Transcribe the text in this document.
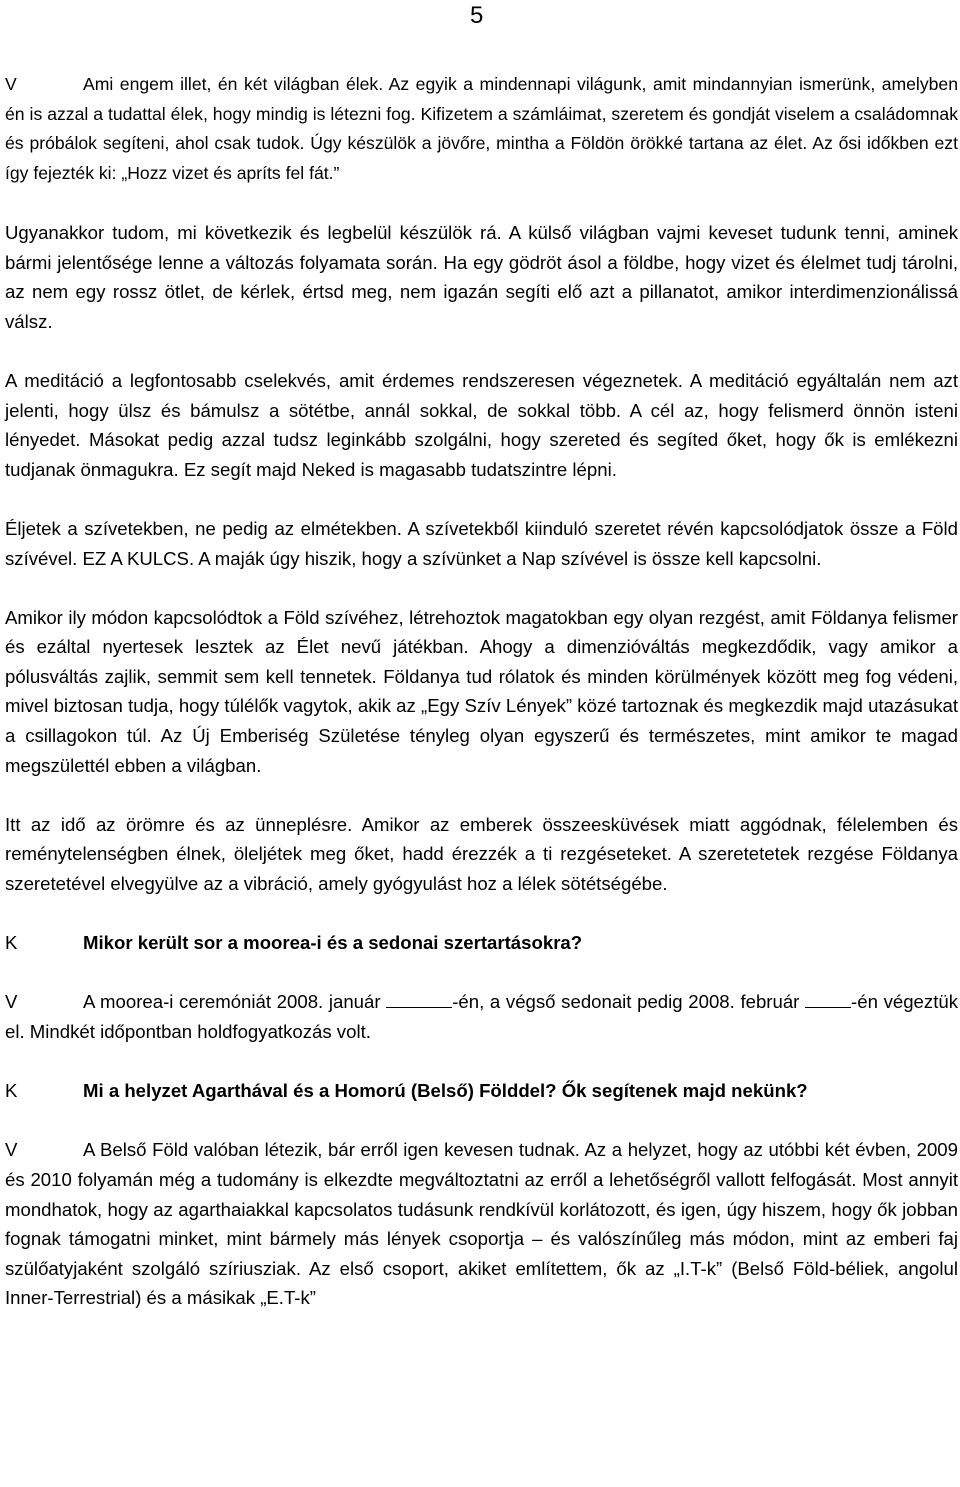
5

V	Ami engem illet, én két világban élek. Az egyik a mindennapi világunk, amit mindannyian ismerünk, amelyben én is azzal a tudattal élek, hogy mindig is létezni fog. Kifizetem a számláimat, szeretem és gondját viselem a családomnak és próbálok segíteni, ahol csak tudok. Úgy készülök a jövőre, mintha a Földön örökké tartana az élet. Az ősi időkben ezt így fejezték ki: „Hozz vizet és apríts fel fát.”

Ugyanakkor tudom, mi következik és legbelül készülök rá. A külső világban vajmi keveset tudunk tenni, aminek bármi jelentősége lenne a változás folyamata során. Ha egy gödröt ásol a földbe, hogy vizet és élelmet tudj tárolni, az nem egy rossz ötlet, de kérlek, értsd meg, nem igazán segíti elő azt a pillanatot, amikor interdimenzionálissá válsz.

A meditáció a legfontosabb cselekvés, amit érdemes rendszeresen végeznetek. A meditáció egyáltalán nem azt jelenti, hogy ülsz és bámulsz a sötétbe, annál sokkal, de sokkal több. A cél az, hogy felismerd önnön isteni lényedet. Másokat pedig azzal tudsz leginkább szolgálni, hogy szereted és segíted őket, hogy ők is emlékezni tudjanak önmagukra. Ez segít majd Neked is magasabb tudatszintre lépni.

Éljetek a szívetekben, ne pedig az elmétekben. A szívetekből kiinduló szeretet révén kapcsolódjatok össze a Föld szívével. EZ A KULCS. A maják úgy hiszik, hogy a szívünket a Nap szívével is össze kell kapcsolni.

Amikor ily módon kapcsolódtok a Föld szívéhez, létrehoztok magatokban egy olyan rezgést, amit Földanya felismer és ezáltal nyertesek lesztek az Élet nevű játékban. Ahogy a dimenzióváltás megkezdődik, vagy amikor a pólusváltás zajlik, semmit sem kell tennetek. Földanya tud rólatok és minden körülmények között meg fog védeni, mivel biztosan tudja, hogy túlélők vagytok, akik az „Egy Szív Lények” közé tartoznak és megkezdik majd utazásukat a csillagokon túl. Az Új Emberiség Születése tényleg olyan egyszerű és természetes, mint amikor te magad megszülettél ebben a világban.

Itt az idő az örömre és az ünneplésre. Amikor az emberek összeesküvések miatt aggódnak, félelemben és reménytelenségben élnek, öleljétek meg őket, hadd érezzék a ti rezgéseteket. A szeretetetek rezgése Földanya szeretetével elvegyülve az a vibráció, amely gyógyulást hoz a lélek sötétségébe.

K	Mikor került sor a moorea-i és a sedonai szertartásokra?

V	A moorea-i ceremóniát 2008. január	-én, a végső sedonait pedig 2008. február	-én végeztük el. Mindkét időpontban holdfogyatkozás volt.

K	Mi a helyzet Agarthával és a Homorú (Belső) Földdel? Ők segítenek majd nekünk?

V	A Belső Föld valóban létezik, bár erről igen kevesen tudnak. Az a helyzet, hogy az utóbbi két évben, 2009 és 2010 folyamán még a tudomány is elkezdte megváltoztatni az erről a lehetőségről vallott felfogását. Most annyit mondhatok, hogy az agarthaiakkal kapcsolatos tudásunk rendkívül korlátozott, és igen, úgy hiszem, hogy ők jobban fognak támogatni minket, mint bármely más lények csoportja – és valószínűleg más módon, mint az emberi faj szülőatyjaként szolgáló szíriusziak. Az első csoport, akiket említettem, ők az „I.T-k” (Belső Föld-béliek, angolul Inner-Terrestrial) és a másikak „E.T-k”
